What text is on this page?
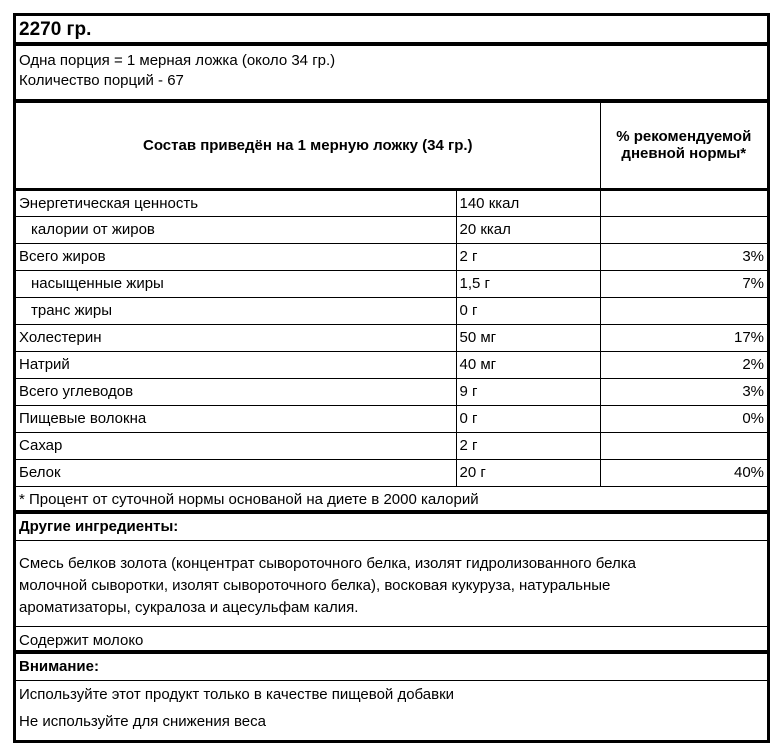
2270 гр.
Одна порция = 1 мерная ложка (около 34 гр.)
Количество порций - 67
Состав приведён на 1 мерную ложку (34 гр.)		% рекомендуемой
дневной нормы*

Энергетическая ценность	140 ккал	
калории от жиров	20 ккал	
Всего жиров	2 г	3%
насыщенные жиры	1,5 г	7%
транс жиры	0 г	
Холестерин	50 мг	17%
Натрий	40 мг	2%
Всего углеводов	9 г	3%
Пищевые волокна	0 г	0%
Сахар	2 г	
Белок	20 г	40%
* Процент от суточной нормы основаной на диете в 2000 калорий
Другие ингредиенты:
Смесь белков золота (концентрат сывороточного белка, изолят гидролизованного белка
молочной сыворотки, изолят сывороточного белка), восковая кукуруза, натуральные
ароматизаторы, сукралоза и ацесульфам калия.
Содержит молоко
Внимание:
Используйте этот продукт только в качестве пищевой добавки
Не используйте для снижения веса
